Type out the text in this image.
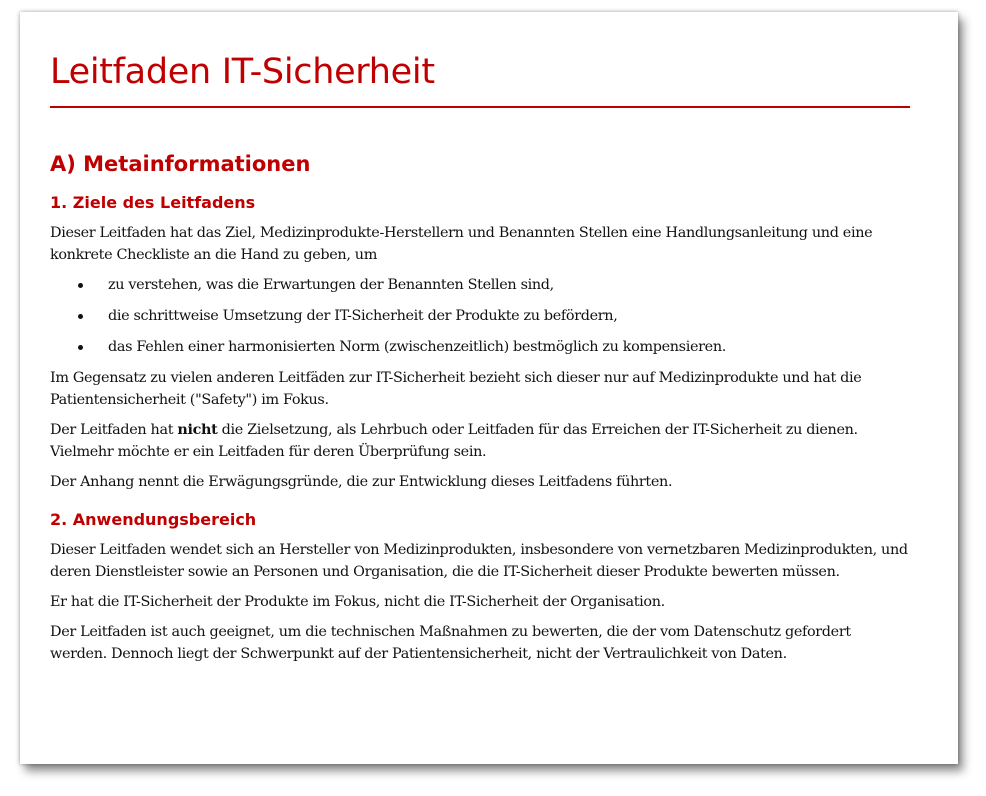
Leitfaden IT-Sicherheit
A) Metainformationen
1. Ziele des Leitfadens

Dieser Leitfaden hat das Ziel, Medizinprodukte-Herstellern und Benannten Stellen eine Handlungsanleitung und eine konkrete Checkliste an die Hand zu geben, um

zu verstehen, was die Erwartungen der Benannten Stellen sind,
die schrittweise Umsetzung der IT-Sicherheit der Produkte zu befördern,
das Fehlen einer harmonisierten Norm (zwischenzeitlich) bestmöglich zu kompensieren.

Im Gegensatz zu vielen anderen Leitfäden zur IT-Sicherheit bezieht sich dieser nur auf Medizinprodukte und hat die Patientensicherheit ("Safety") im Fokus.

Der Leitfaden hat nicht die Zielsetzung, als Lehrbuch oder Leitfaden für das Erreichen der IT-Sicherheit zu dienen. Vielmehr möchte er ein Leitfaden für deren Überprüfung sein.

Der Anhang nennt die Erwägungsgründe, die zur Entwicklung dieses Leitfadens führten.

2. Anwendungsbereich

Dieser Leitfaden wendet sich an Hersteller von Medizinprodukten, insbesondere von vernetzbaren Medizinprodukten, und deren Dienstleister sowie an Personen und Organisation, die die IT-Sicherheit dieser Produkte bewerten müssen.

Er hat die IT-Sicherheit der Produkte im Fokus, nicht die IT-Sicherheit der Organisation.

Der Leitfaden ist auch geeignet, um die technischen Maßnahmen zu bewerten, die der vom Datenschutz gefordert werden. Dennoch liegt der Schwerpunkt auf der Patientensicherheit, nicht der Vertraulichkeit von Daten.
